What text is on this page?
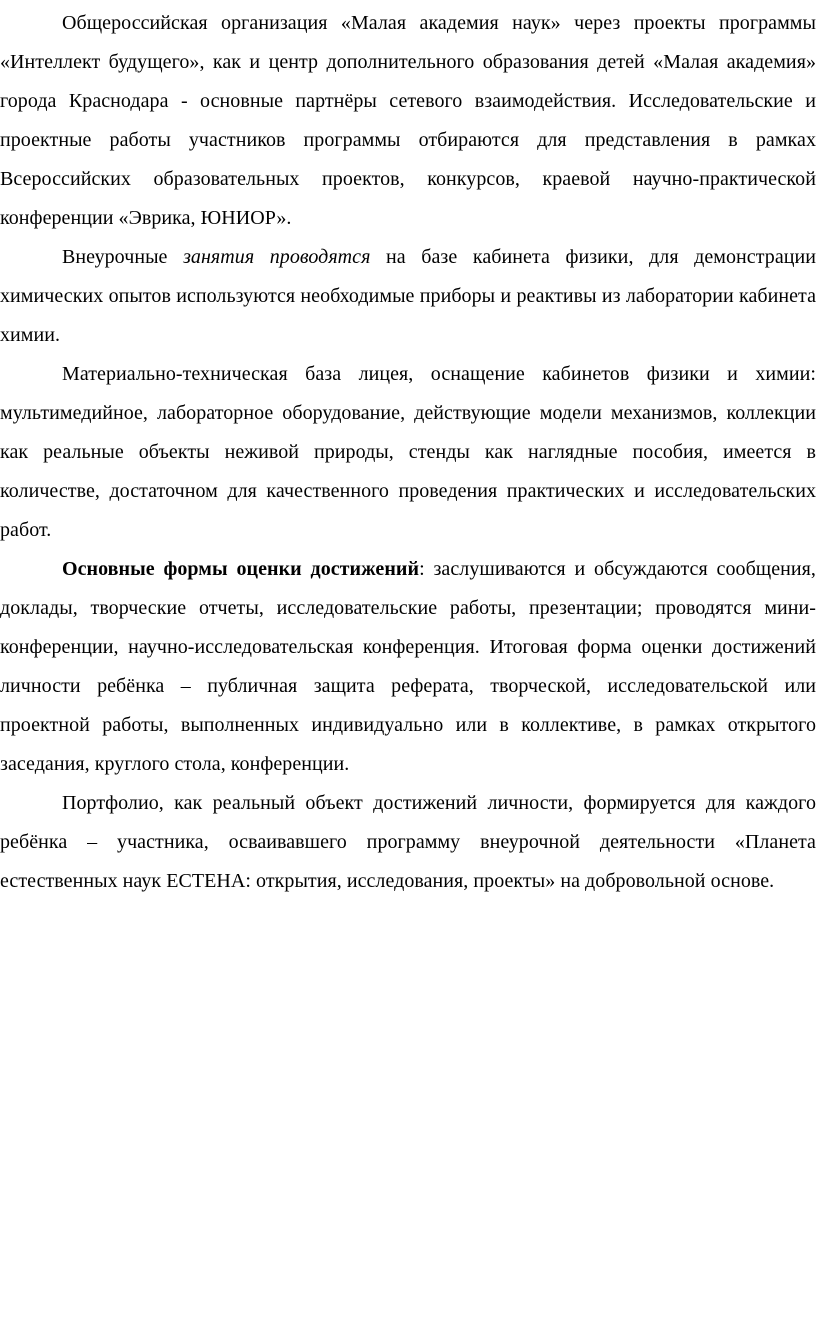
Общероссийская организация «Малая академия наук» через проекты программы «Интеллект будущего», как и центр дополнительного образования детей «Малая академия» города Краснодара - основные партнёры сетевого взаимодействия. Исследовательские и проектные работы участников программы отбираются для представления в рамках Всероссийских образовательных проектов, конкурсов, краевой научно-практической конференции «Эврика, ЮНИОР».

Внеурочные занятия проводятся на базе кабинета физики, для демонстрации химических опытов используются необходимые приборы и реактивы из лаборатории кабинета химии.

Материально-техническая база лицея, оснащение кабинетов физики и химии: мультимедийное, лабораторное оборудование, действующие модели механизмов, коллекции как реальные объекты неживой природы, стенды как наглядные пособия, имеется в количестве, достаточном для качественного проведения практических и исследовательских работ.

Основные формы оценки достижений: заслушиваются и обсуждаются сообщения, доклады, творческие отчеты, исследовательские работы, презентации; проводятся мини-конференции, научно-исследовательская конференция. Итоговая форма оценки достижений личности ребёнка – публичная защита реферата, творческой, исследовательской или проектной работы, выполненных индивидуально или в коллективе, в рамках открытого заседания, круглого стола, конференции.

Портфолио, как реальный объект достижений личности, формируется для каждого ребёнка – участника, осваивавшего программу внеурочной деятельности «Планета естественных наук ЕСТЕНА: открытия, исследования, проекты» на добровольной основе.
